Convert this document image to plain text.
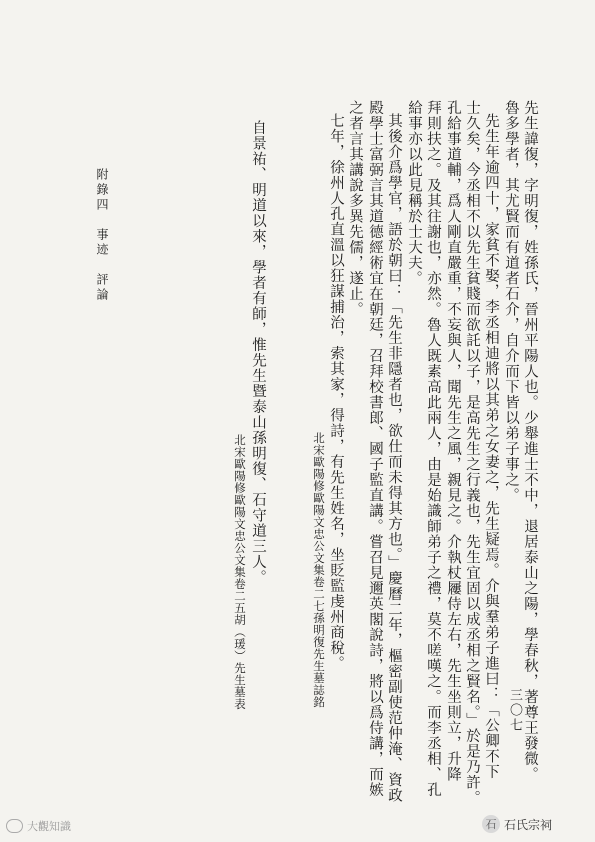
附錄四　事迹　評論	先生諱復，字明復，姓孫氏，晉州平陽人也。少舉進士不中，退居泰山之陽，學春秋，著尊王發微。
魯多學者，其尤賢而有道者石介，自介而下皆以弟子事之。
先生年逾四十，家貧不娶，李丞相迪將以其弟之女妻之，先生疑焉。介與羣弟子進曰：「公卿不下
士久矣，今丞相不以先生貧賤而欲託以子，是高先生之行義也，先生宜固以成丞相之賢名。」於是乃許。
孔給事道輔，爲人剛直嚴重，不妄與人，聞先生之風，親見之。介執杖屨侍左右，先生坐則立，升降
拜則扶之。及其往謝也，亦然。魯人既素高此兩人，由是始識師弟子之禮，莫不嗟嘆之。而李丞相、孔
給事亦以此見稱於士大夫。
其後介爲學官，語於朝曰：「先生非隱者也，欲仕而未得其方也。」慶曆二年，樞密副使范仲淹、資政
殿學士富弼言其道德經術宜在朝廷，召拜校書郎、國子監直講。嘗召見邇英閣說詩，將以爲侍講，而嫉
之者言其講說多異先儒，遂止。
七年，徐州人孔直溫以狂謀捕治，索其家，得詩，有先生姓名，坐貶監虔州商稅。
北宋歐陽修歐陽文忠公文集卷二七孫明復先生墓誌銘
自景祐、明道以來，學者有師，惟先生暨泰山孫明復、石守道三人。
北宋歐陽修歐陽文忠公文集卷二五胡（瑗）先生墓表
三〇七
大觀知識	石 石氏宗祠
